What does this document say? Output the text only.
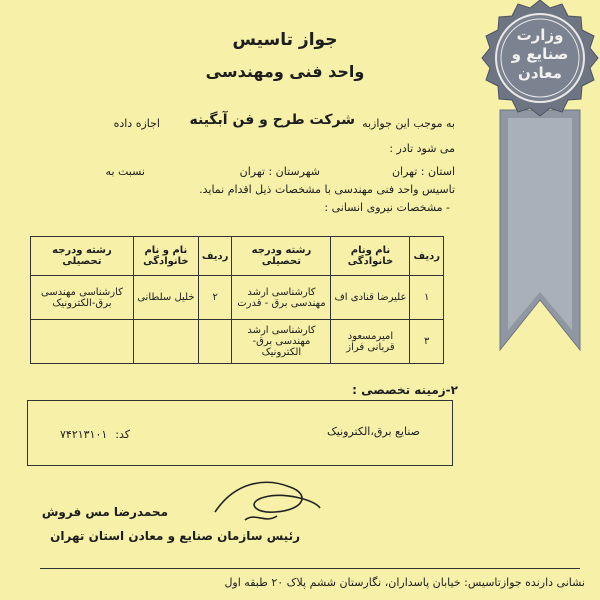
وزارت
صنایع و
معادن
جواز تاسیس
واحد فنی ومهندسی
به موجب این جوازبه
شرکت طرح و فن آبگینه
اجازه داده
می شود تادر :
استان : تهران
شهرستان : تهران
نسبت به
تاسیس واحد فنی مهندسی با مشخصات ذیل اقدام نماید.
- مشخصات نیروی انسانی :
ردیف	نام ونام خانوادگی	رشته ودرجه تحصیلی	ردیف	نام و نام خانوادگی	رشته ودرجه تحصیلی
۱	علیرضا قنادی اف	کارشناسی ارشد مهندسی برق - قدرت	۲	خلیل سلطانی	کارشناسی مهندسی برق-الکترونیک
۳	امیرمسعود قربانی فراز	کارشناسی ارشد مهندسی برق-الکترونیک			
۲-زمینه تخصصی :
صنایع برق،الکترونیک
کد:
۷۴۲۱۳۱۰۱
محمدرضا مس فروش
رئیس سازمان صنایع و معادن استان تهران
نشانی دارنده جوازتاسیس: خیابان پاسداران، نگارستان ششم پلاک ۲۰ طبقه اول
